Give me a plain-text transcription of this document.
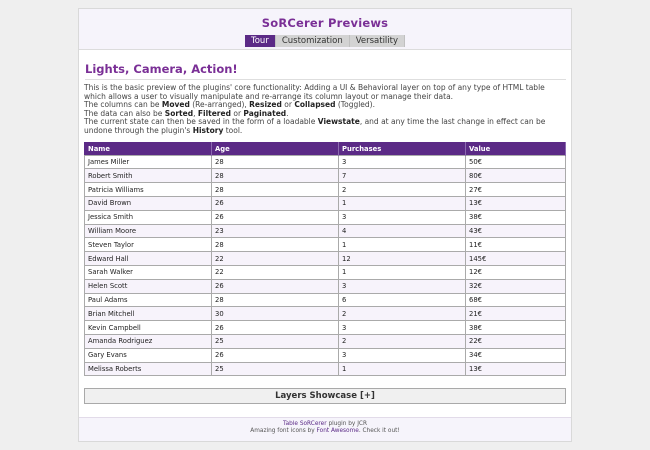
SoRCerer Previews
Tour	Customization	Versatility
Lights, Camera, Action!
This is the basic preview of the plugins' core functionality: Adding a UI & Behavioral layer on top of any type of HTML table which allows a user to visually manipulate and re-arrange its column layout or manage their data.
The columns can be Moved (Re-arranged), Resized or Collapsed (Toggled).
The data can also be Sorted, Filtered or Paginated.
The current state can then be saved in the form of a loadable Viewstate, and at any time the last change in effect can be undone through the plugin's History tool.
Name	Age	Purchases	Value
James Miller	28	3	50€
Robert Smith	28	7	80€
Patricia Williams	28	2	27€
David Brown	26	1	13€
Jessica Smith	26	3	38€
William Moore	23	4	43€
Steven Taylor	28	1	11€
Edward Hall	22	12	145€
Sarah Walker	22	1	12€
Helen Scott	26	3	32€
Paul Adams	28	6	68€
Brian Mitchell	30	2	21€
Kevin Campbell	26	3	38€
Amanda Rodriguez	25	2	22€
Gary Evans	26	3	34€
Melissa Roberts	25	1	13€
Layers Showcase [+]
Table SoRCerer plugin by JCR
Amazing font icons by Font Awesome. Check it out!
